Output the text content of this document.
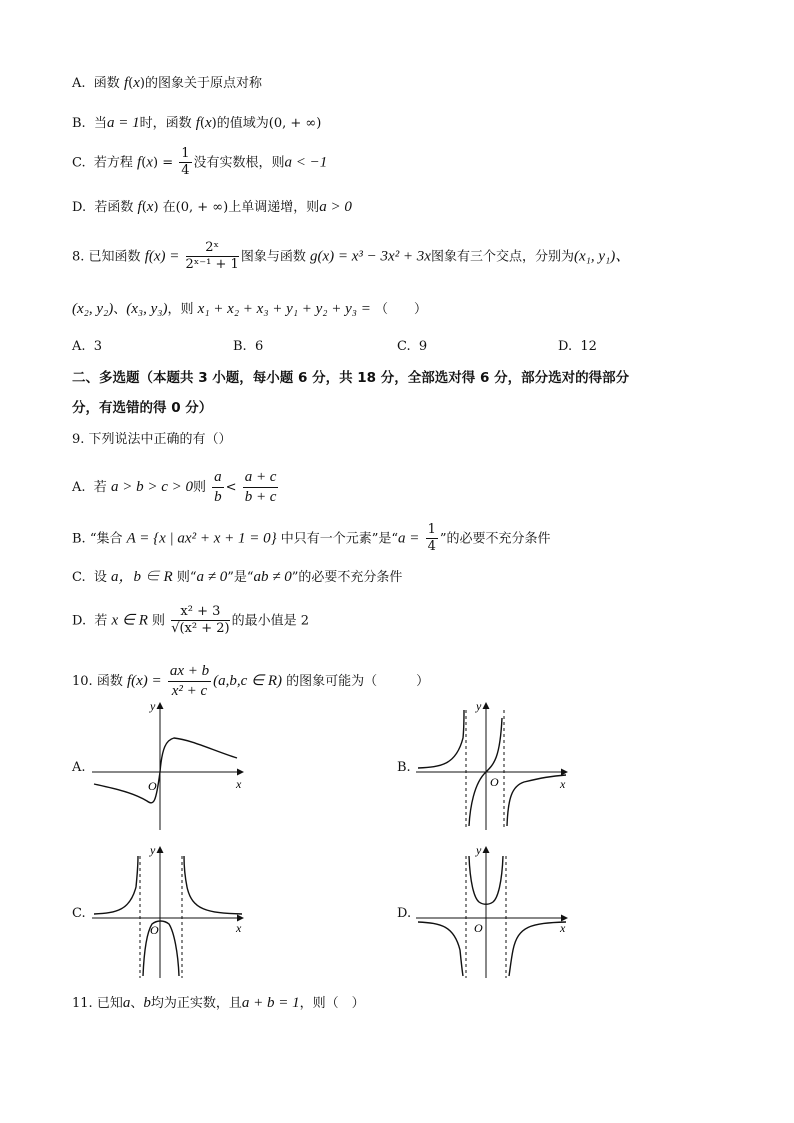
A. 函数 f(x)的图象关于原点对称
B. 当a = 1时，函数 f(x)的值域为(0, + ∞)
C. 若方程 $f(x) = \frac{1}{4}$ 没有实数根，则a < −1
D. 若函数 f(x) 在(0, + ∞)上单调递增，则a > 0
8. 已知函数 $f(x) = \frac{\text{2ˣ}}{\text{2ˣ⁻¹ + 1}}$ 图象与函数 g(x) = x³ − 3x² + 3x图象有三个交点，分别为(x₁, y₁)、
(x₂, y₂)、(x₃, y₃)，则 x₁ + x₂ + x₃ + y₁ + y₂ + y₃ = （　　）
A. 3	B. 6	C. 9	D. 12
二、多选题（本题共 3 小题，每小题 6 分，共 18 分，全部选对得 6 分，部分选对的得部分
分，有选错的得 0 分）
9. 下列说法中正确的有（）
A. 若 a > b > c > 0则 $\frac{a}{b} < \frac{a + c}{b + c}$
B. “集合 A = {x | ax² + x + 1 = 0} 中只有一个元素”是“$a = \frac{1}{4}$ ”的必要不充分条件
C. 设 a，b ∈ R 则“a ≠ 0”是“ab ≠ 0”的必要不充分条件
D. 若 x ∈ R 则 $\frac{\text{x² + 3}}{\text{√(x² + 2)}}$ 的最小值是 2
10. 函数 $f(x) = \frac{ax + b}{\text{x² + c}} (a,b,c$ ∈ R) 的图象可能为（　　　）
A.
O	x
y
B.
O	x
y
C.
O	x
y
D.
O	x
y
11. 已知a、b均为正实数，且a + b = 1，则（　）
